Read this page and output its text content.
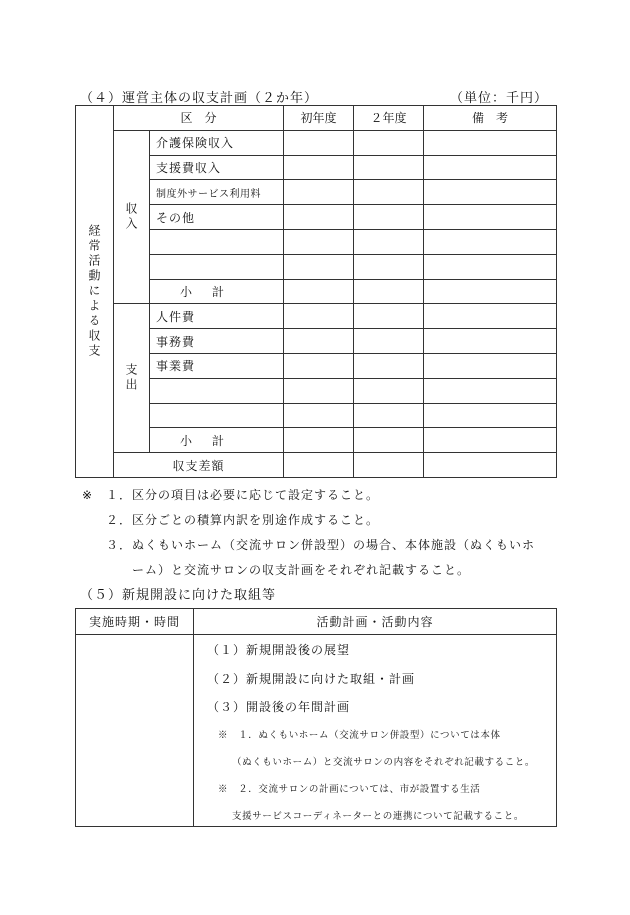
（４）運営主体の収支計画（２か年）	（単位：千円）
経常活動による収支	区　分		初年度	２年度	備　考
	収入	介護保険収入			
		支援費収入			
		制度外サービス利用料			
		その他			

		小　計			
	支出	人件費			
		事務費			
		事業費			

		小　計			
	収支差額				
※ １．区分の項目は必要に応じて設定すること。
２．区分ごとの積算内訳を別途作成すること。
３．ぬくもいホーム（交流サロン併設型）の場合、本体施設（ぬくもいホ
ーム）と交流サロンの収支計画をそれぞれ記載すること。
（５）新規開設に向けた取組等
実施時期・時間	活動計画・活動内容

（１）新規開設後の展望
（２）新規開設に向けた取組・計画
（３）開設後の年間計画
※　１．ぬくもいホーム（交流サロン併設型）については本体
（ぬくもいホーム）と交流サロンの内容をそれぞれ記載すること。
※　２．交流サロンの計画については、市が設置する生活
支援サービスコーディネーターとの連携について記載すること。
